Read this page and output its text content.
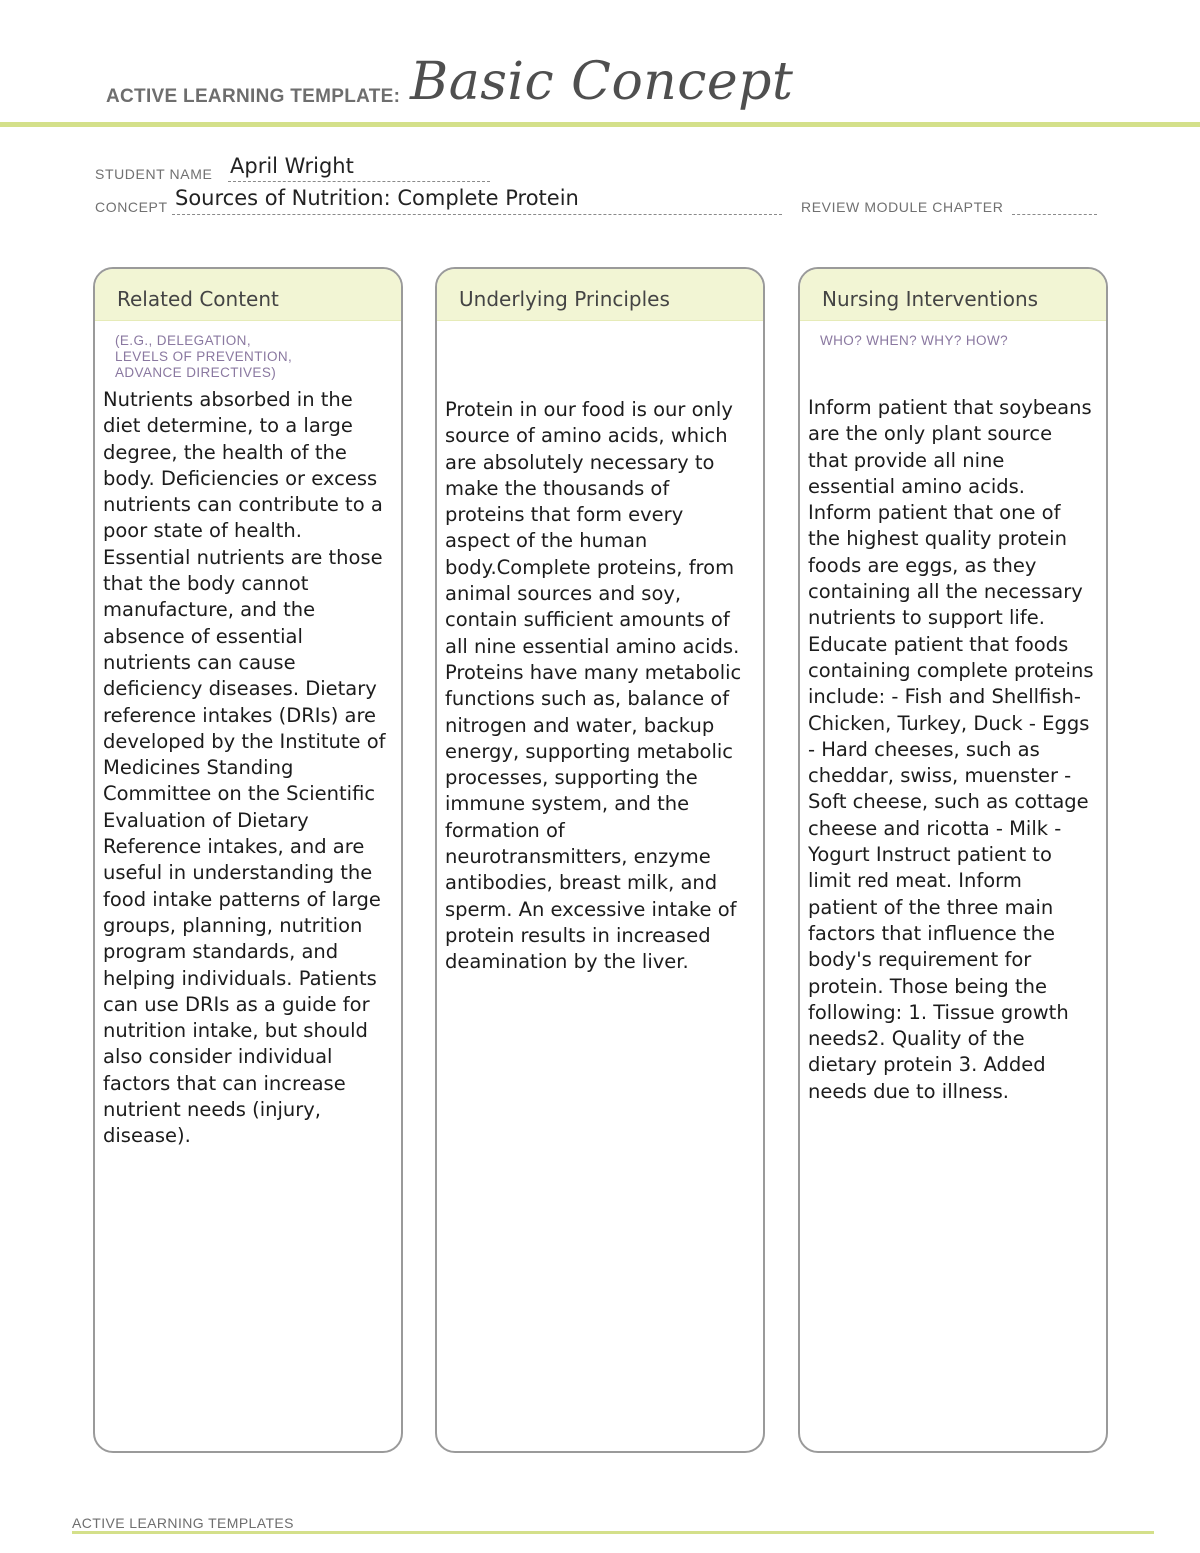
ACTIVE LEARNING TEMPLATE: Basic Concept
STUDENT NAME April Wright
CONCEPT Sources of Nutrition: Complete Protein	REVIEW MODULE CHAPTER
Related Content
(E.G., DELEGATION,
LEVELS OF PREVENTION,
ADVANCE DIRECTIVES)
Nutrients absorbed in the diet determine, to a large degree, the health of the body. Deficiencies or excess nutrients can contribute to a poor state of health. Essential nutrients are those that the body cannot manufacture, and the absence of essential nutrients can cause deficiency diseases. Dietary reference intakes (DRIs) are developed by the Institute of Medicines Standing Committee on the Scientific Evaluation of Dietary Reference intakes, and are useful in understanding the food intake patterns of large groups, planning, nutrition program standards, and helping individuals. Patients can use DRIs as a guide for nutrition intake, but should also consider individual factors that can increase nutrient needs (injury, disease).
Underlying Principles
Protein in our food is our only source of amino acids, which are absolutely necessary to make the thousands of proteins that form every aspect of the human body.Complete proteins, from animal sources and soy, contain sufficient amounts of all nine essential amino acids. Proteins have many metabolic functions such as, balance of nitrogen and water, backup energy, supporting metabolic processes, supporting the immune system, and the formation of neurotransmitters, enzyme antibodies, breast milk, and sperm. An excessive intake of protein results in increased deamination by the liver.
Nursing Interventions
WHO? WHEN? WHY? HOW?
Inform patient that soybeans are the only plant source that provide all nine essential amino acids. Inform patient that one of the highest quality protein foods are eggs, as they containing all the necessary nutrients to support life. Educate patient that foods containing complete proteins include: - Fish and Shellfish- Chicken, Turkey, Duck - Eggs - Hard cheeses, such as cheddar, swiss, muenster - Soft cheese, such as cottage cheese and ricotta - Milk - Yogurt Instruct patient to limit red meat. Inform patient of the three main factors that influence the body's requirement for protein. Those being the following: 1. Tissue growth needs2. Quality of the dietary protein 3. Added needs due to illness.
ACTIVE LEARNING TEMPLATES
